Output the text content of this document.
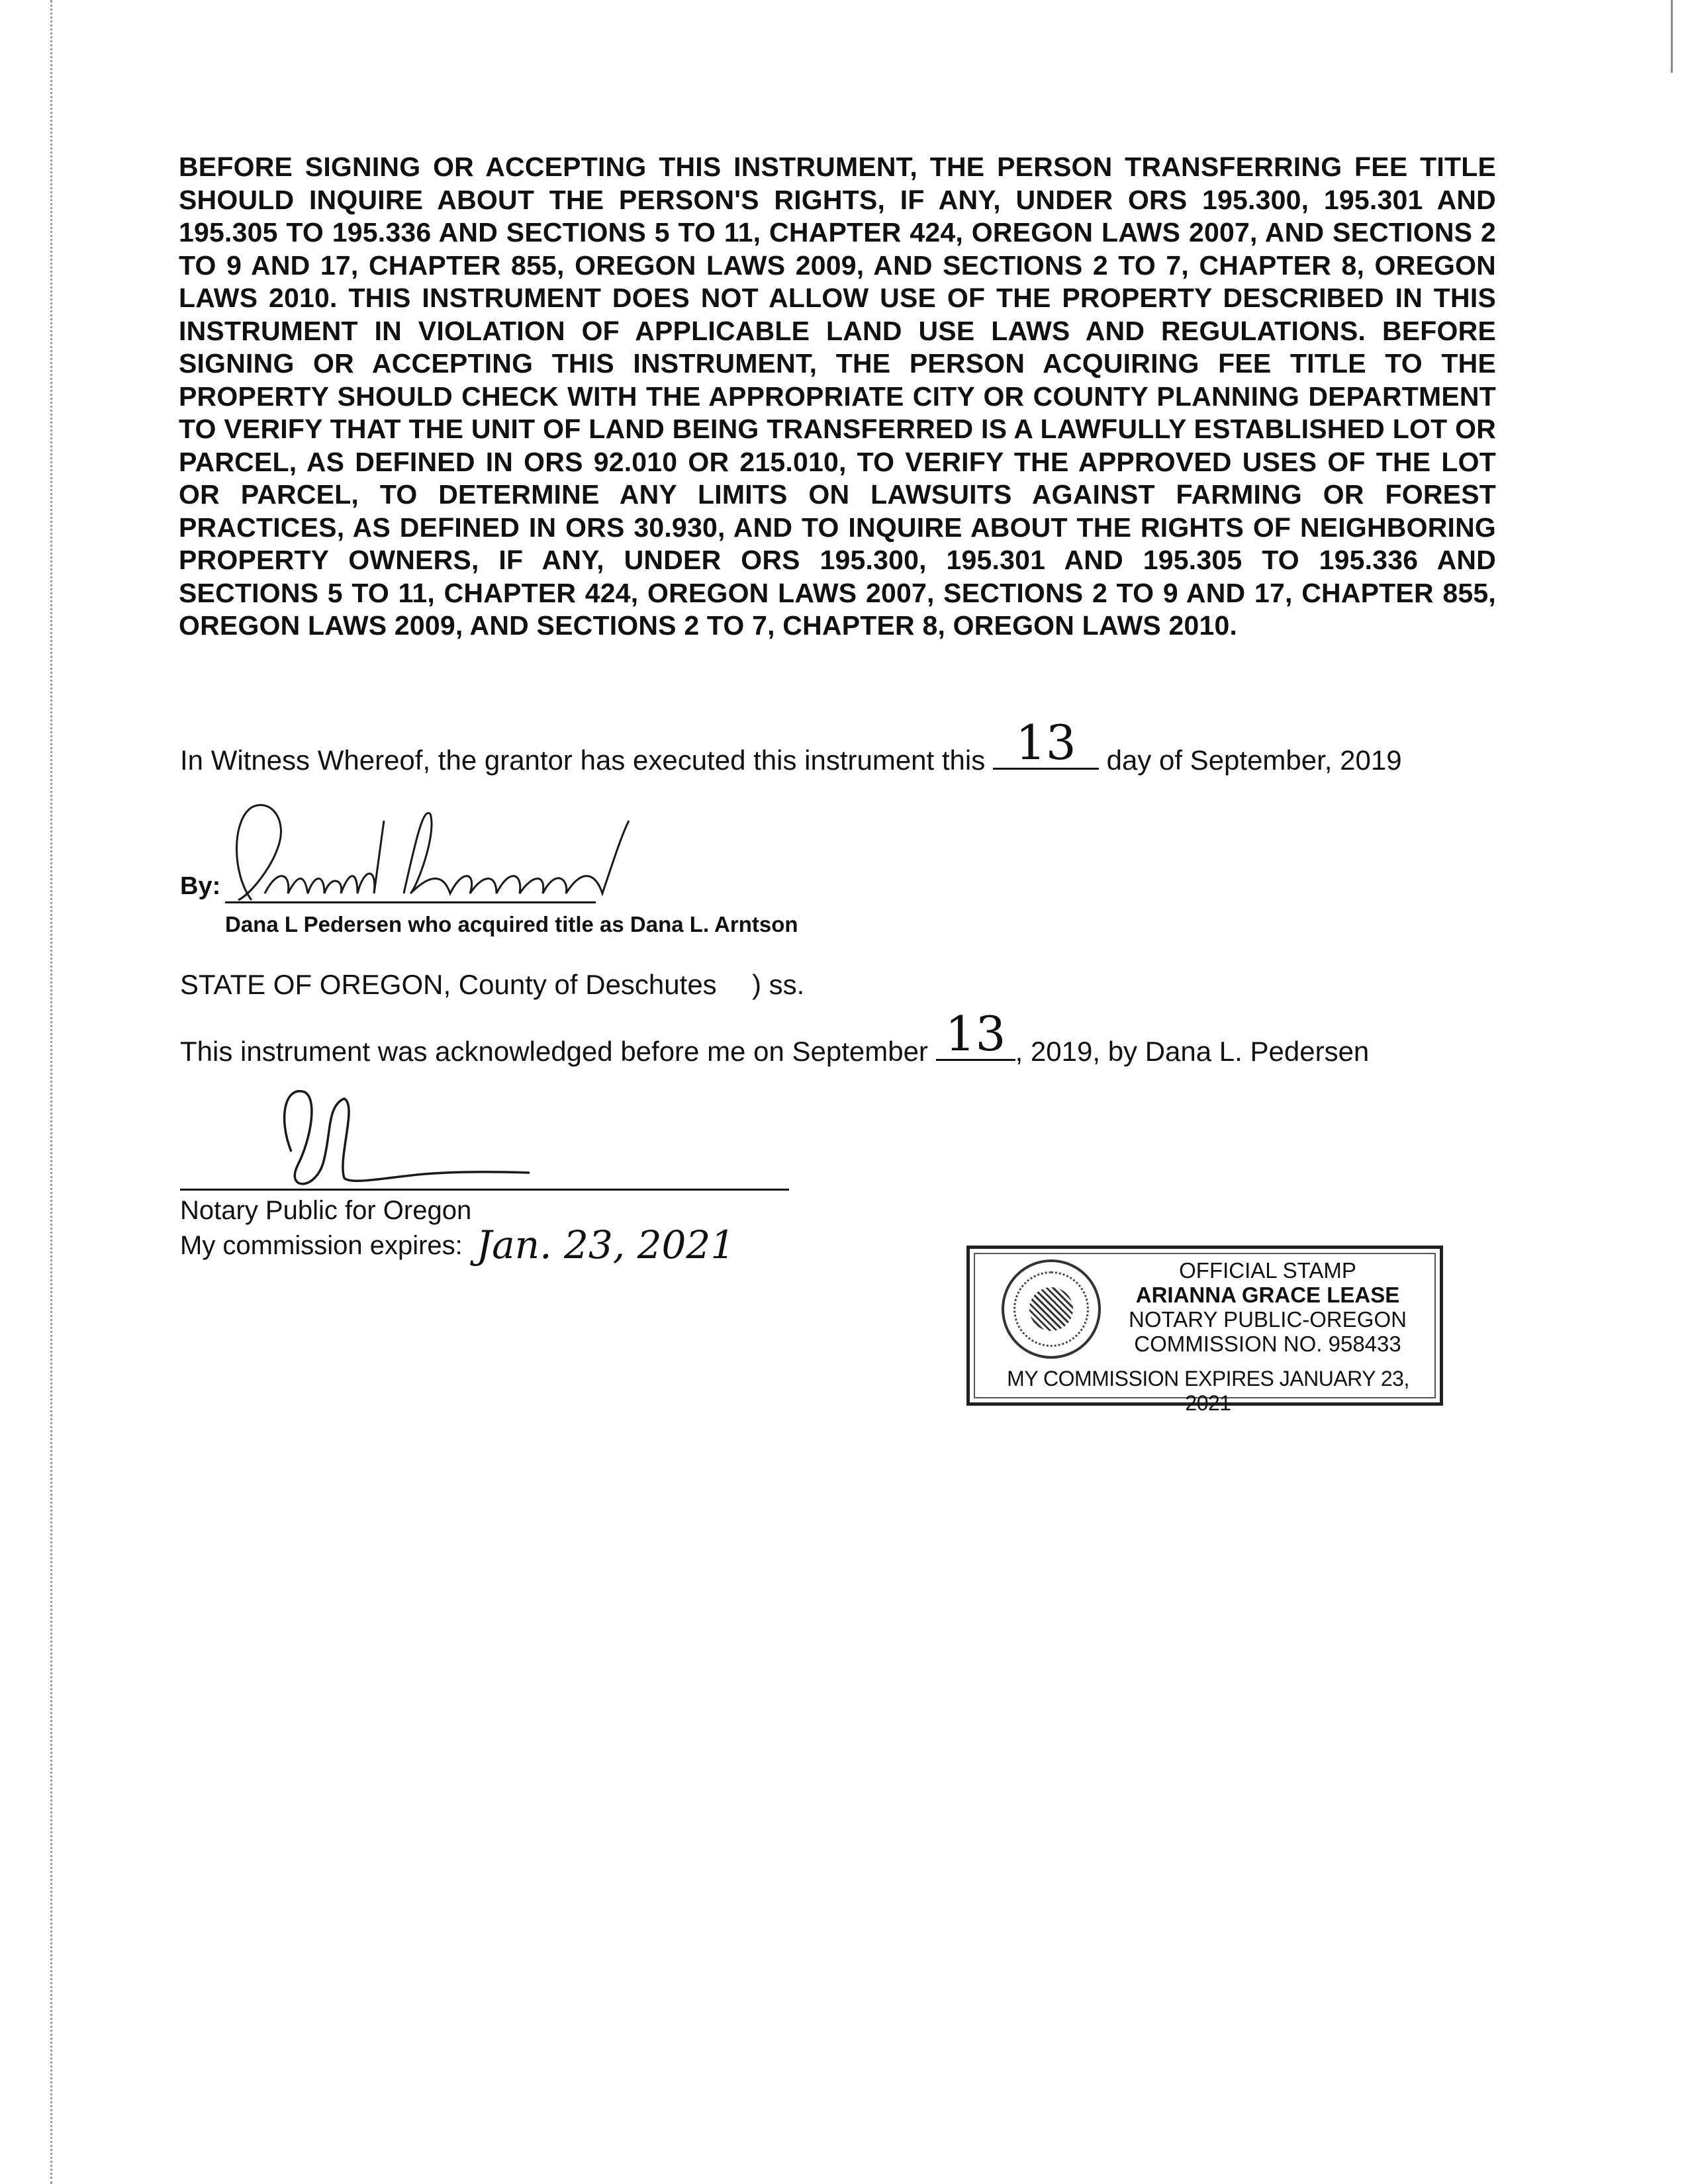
BEFORE SIGNING OR ACCEPTING THIS INSTRUMENT, THE PERSON TRANSFERRING FEE TITLE SHOULD INQUIRE ABOUT THE PERSON'S RIGHTS, IF ANY, UNDER ORS 195.300, 195.301 AND 195.305 TO 195.336 AND SECTIONS 5 TO 11, CHAPTER 424, OREGON LAWS 2007, AND SECTIONS 2 TO 9 AND 17, CHAPTER 855, OREGON LAWS 2009, AND SECTIONS 2 TO 7, CHAPTER 8, OREGON LAWS 2010. THIS INSTRUMENT DOES NOT ALLOW USE OF THE PROPERTY DESCRIBED IN THIS INSTRUMENT IN VIOLATION OF APPLICABLE LAND USE LAWS AND REGULATIONS. BEFORE SIGNING OR ACCEPTING THIS INSTRUMENT, THE PERSON ACQUIRING FEE TITLE TO THE PROPERTY SHOULD CHECK WITH THE APPROPRIATE CITY OR COUNTY PLANNING DEPARTMENT TO VERIFY THAT THE UNIT OF LAND BEING TRANSFERRED IS A LAWFULLY ESTABLISHED LOT OR PARCEL, AS DEFINED IN ORS 92.010 OR 215.010, TO VERIFY THE APPROVED USES OF THE LOT OR PARCEL, TO DETERMINE ANY LIMITS ON LAWSUITS AGAINST FARMING OR FOREST PRACTICES, AS DEFINED IN ORS 30.930, AND TO INQUIRE ABOUT THE RIGHTS OF NEIGHBORING PROPERTY OWNERS, IF ANY, UNDER ORS 195.300, 195.301 AND 195.305 TO 195.336 AND SECTIONS 5 TO 11, CHAPTER 424, OREGON LAWS 2007, SECTIONS 2 TO 9 AND 17, CHAPTER 855, OREGON LAWS 2009, AND SECTIONS 2 TO 7, CHAPTER 8, OREGON LAWS 2010.
In Witness Whereof, the grantor has executed this instrument this 13	day of September, 2019
Dana L Pedersen
By:
Dana L Pedersen who acquired title as Dana L. Arntson
STATE OF OREGON, County of Deschutes ) ss.
This instrument was acknowledged before me on September 13 , 2019, by Dana L. Pedersen
Notary Public for Oregon
My commission expires: Jan. 23, 2021
OFFICIAL STAMP
ARIANNA GRACE LEASE
NOTARY PUBLIC-OREGON
COMMISSION NO. 958433
MY COMMISSION EXPIRES JANUARY 23, 2021
